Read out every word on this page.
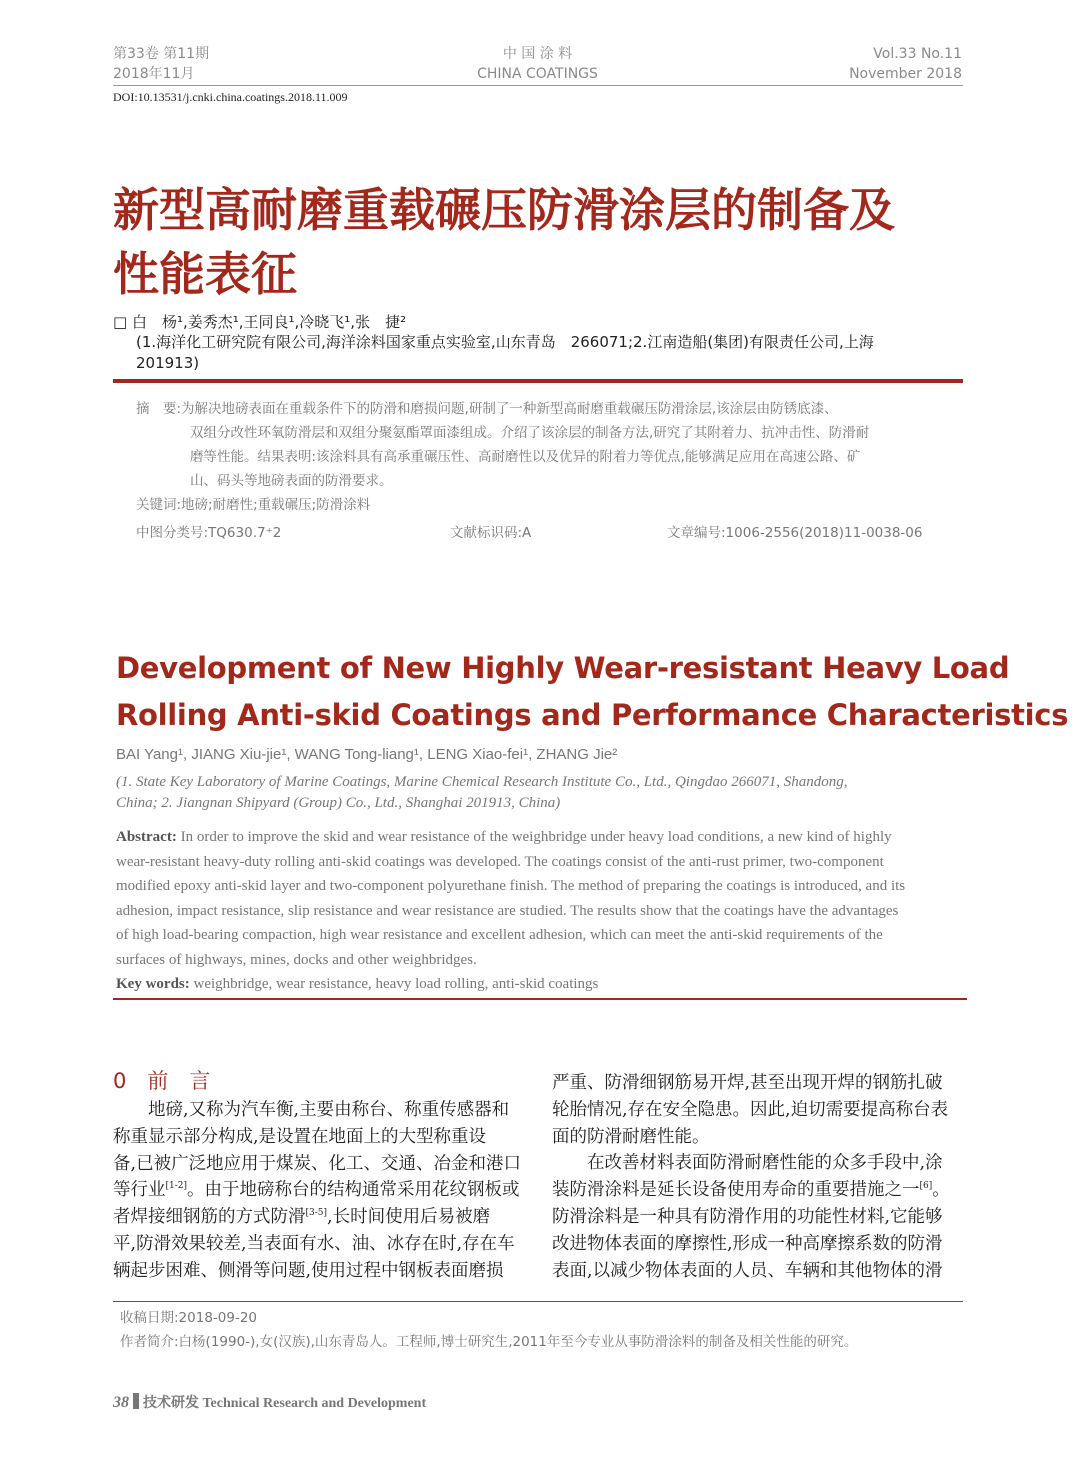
第33卷 第11期
2018年11月
中 国 涂 料
CHINA COATINGS
Vol.33 No.11
November 2018
DOI:10.13531/j.cnki.china.coatings.2018.11.009
新型高耐磨重载碾压防滑涂层的制备及
性能表征
□ 白　杨¹,姜秀杰¹,王同良¹,冷晓飞¹,张　捷²
(1.海洋化工研究院有限公司,海洋涂料国家重点实验室,山东青岛　266071;2.江南造船(集团)有限责任公司,上海
201913)
摘　要:为解决地磅表面在重载条件下的防滑和磨损问题,研制了一种新型高耐磨重载碾压防滑涂层,该涂层由防锈底漆、
双组分改性环氧防滑层和双组分聚氨酯罩面漆组成。介绍了该涂层的制备方法,研究了其附着力、抗冲击性、防滑耐
磨等性能。结果表明:该涂料具有高承重碾压性、高耐磨性以及优异的附着力等优点,能够满足应用在高速公路、矿
山、码头等地磅表面的防滑要求。
关键词:地磅;耐磨性;重载碾压;防滑涂料
中图分类号:TQ630.7⁺2	文献标识码:A	文章编号:1006-2556(2018)11-0038-06
Development of New Highly Wear-resistant Heavy Load
Rolling Anti-skid Coatings and Performance Characteristics
BAI Yang¹, JIANG Xiu-jie¹, WANG Tong-liang¹, LENG Xiao-fei¹, ZHANG Jie²
(1. State Key Laboratory of Marine Coatings, Marine Chemical Research Institute Co., Ltd., Qingdao 266071, Shandong,
China; 2. Jiangnan Shipyard (Group) Co., Ltd., Shanghai 201913, China)
Abstract: In order to improve the skid and wear resistance of the weighbridge under heavy load conditions, a new kind of highly
wear-resistant heavy-duty rolling anti-skid coatings was developed. The coatings consist of the anti-rust primer, two-component
modified epoxy anti-skid layer and two-component polyurethane finish. The method of preparing the coatings is introduced, and its
adhesion, impact resistance, slip resistance and wear resistance are studied. The results show that the coatings have the advantages
of high load-bearing compaction, high wear resistance and excellent adhesion, which can meet the anti-skid requirements of the
surfaces of highways, mines, docks and other weighbridges.
Key words: weighbridge, wear resistance, heavy load rolling, anti-skid coatings
0　前　言
　　地磅,又称为汽车衡,主要由称台、称重传感器和
称重显示部分构成,是设置在地面上的大型称重设
备,已被广泛地应用于煤炭、化工、交通、冶金和港口
等行业[1-2]。由于地磅称台的结构通常采用花纹钢板或
者焊接细钢筋的方式防滑[3-5],长时间使用后易被磨
平,防滑效果较差,当表面有水、油、冰存在时,存在车
辆起步困难、侧滑等问题,使用过程中钢板表面磨损
严重、防滑细钢筋易开焊,甚至出现开焊的钢筋扎破
轮胎情况,存在安全隐患。因此,迫切需要提高称台表
面的防滑耐磨性能。
　　在改善材料表面防滑耐磨性能的众多手段中,涂
装防滑涂料是延长设备使用寿命的重要措施之一[6]。
防滑涂料是一种具有防滑作用的功能性材料,它能够
改进物体表面的摩擦性,形成一种高摩擦系数的防滑
表面,以减少物体表面的人员、车辆和其他物体的滑
收稿日期:2018-09-20
作者简介:白杨(1990-),女(汉族),山东青岛人。工程师,博士研究生,2011年至今专业从事防滑涂料的制备及相关性能的研究。
38 技术研发 Technical Research and Development
